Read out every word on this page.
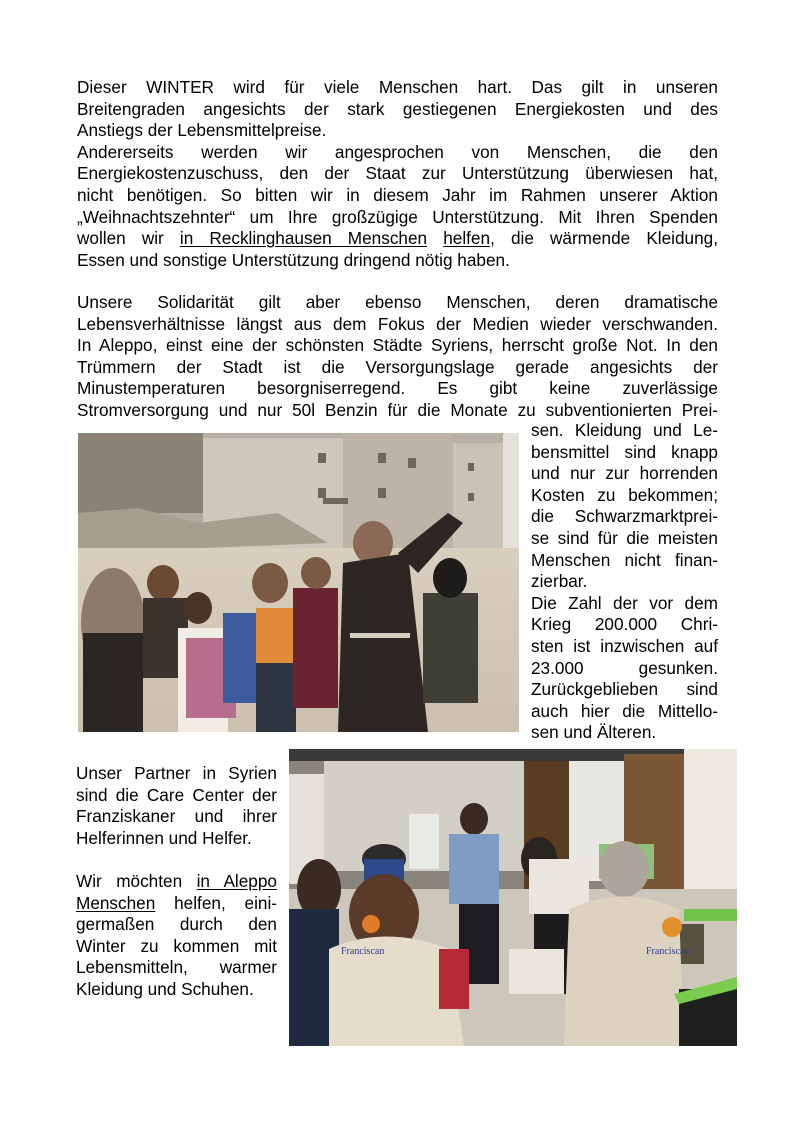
Dieser WINTER wird für viele Menschen hart. Das gilt in unseren
Breitengraden angesichts der stark gestiegenen Energiekosten und des
Anstiegs der Lebensmittelpreise.
Andererseits werden wir angesprochen von Menschen, die den
Energiekostenzuschuss, den der Staat zur Unterstützung überwiesen hat,
nicht benötigen. So bitten wir in diesem Jahr im Rahmen unserer Aktion
„Weihnachtszehnter“ um Ihre großzügige Unterstützung. Mit Ihren Spenden
wollen wir in Recklinghausen Menschen helfen, die wärmende Kleidung,
Essen und sonstige Unterstützung dringend nötig haben.
Unsere Solidarität gilt aber ebenso Menschen, deren dramatische
Lebensverhältnisse längst aus dem Fokus der Medien wieder verschwanden.
In Aleppo, einst eine der schönsten Städte Syriens, herrscht große Not. In den
Trümmern der Stadt ist die Versorgungslage gerade angesichts der
Minustemperaturen besorgniserregend. Es gibt keine zuverlässige
Stromversorgung und nur 50l Benzin für die Monate zu subventionierten Prei-
sen. Kleidung und Le-
bensmittel sind knapp
und nur zur horrenden
Kosten zu bekommen;
die Schwarzmarktprei-
se sind für die meisten
Menschen nicht finan-
zierbar.
Die Zahl der vor dem
Krieg 200.000 Chri-
sten ist inzwischen auf
23.000 gesunken.
Zurückgeblieben sind
auch hier die Mittello-
sen und Älteren.
Unser Partner in Syrien
sind die Care Center der
Franziskaner und ihrer
Helferinnen und Helfer.
Wir möchten in Aleppo
Menschen helfen, eini-
germaßen durch den
Winter zu kommen mit
Lebensmitteln, warmer
Kleidung und Schuhen.
Franciscan	Franciscan
